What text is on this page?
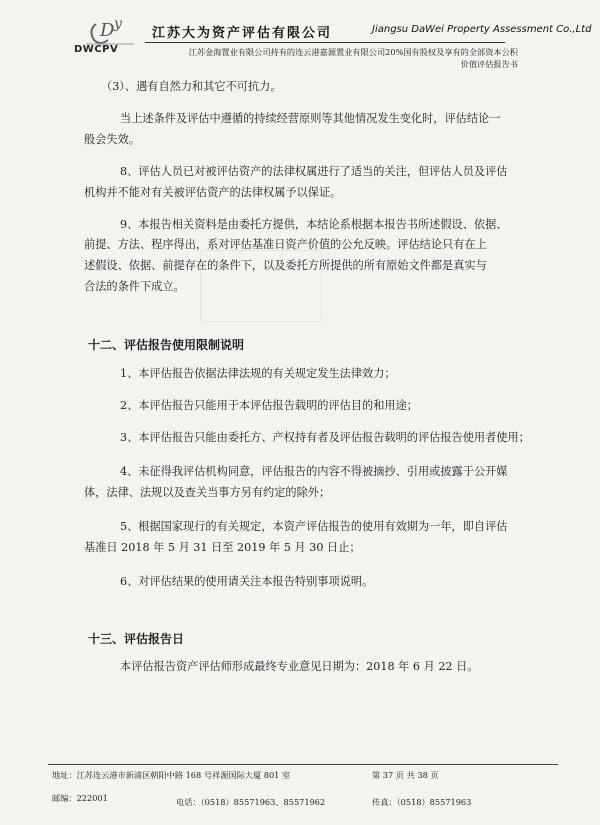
D y
DWCPV
江苏大为资产评估有限公司	Jiangsu DaWei Property Assessment Co.,Ltd
江苏金海置业有限公司持有的连云港嘉源置业有限公司20%国有股权及享有的全部资本公积
价值评估报告书
（3）、遇有自然力和其它不可抗力。
当上述条件及评估中遵循的持续经营原则等其他情况发生变化时，评估结论一
般会失效。
8、评估人员已对被评估资产的法律权属进行了适当的关注，但评估人员及评估
机构并不能对有关被评估资产的法律权属予以保证。
9、本报告相关资料是由委托方提供，本结论系根据本报告书所述假设、依据、
前提、方法、程序得出，系对评估基准日资产价值的公允反映。评估结论只有在上
述假设、依据、前提存在的条件下，以及委托方所提供的所有原始文件都是真实与
合法的条件下成立。
十二、评估报告使用限制说明
1、本评估报告依据法律法规的有关规定发生法律效力；
2、本评估报告只能用于本评估报告载明的评估目的和用途；
3、本评估报告只能由委托方、产权持有者及评估报告载明的评估报告使用者使用；
4、未征得我评估机构同意，评估报告的内容不得被摘抄、引用或披露于公开媒
体，法律、法规以及查关当事方另有约定的除外；
5、根据国家现行的有关规定，本资产评估报告的使用有效期为一年，即自评估
基准日 2018 年 5 月 31 日至 2019 年 5 月 30 日止；
6、对评估结果的使用请关注本报告特别事项说明。
十三、评估报告日
本评估报告资产评估师形成最终专业意见日期为：2018 年 6 月 22 日。
地址：江苏连云港市新浦区朝阳中路 168 号祥源国际大厦 801 室	第 37 页 共 38 页
邮编：222001	电话：（0518）85571963、85571962	传真：（0518）85571963
